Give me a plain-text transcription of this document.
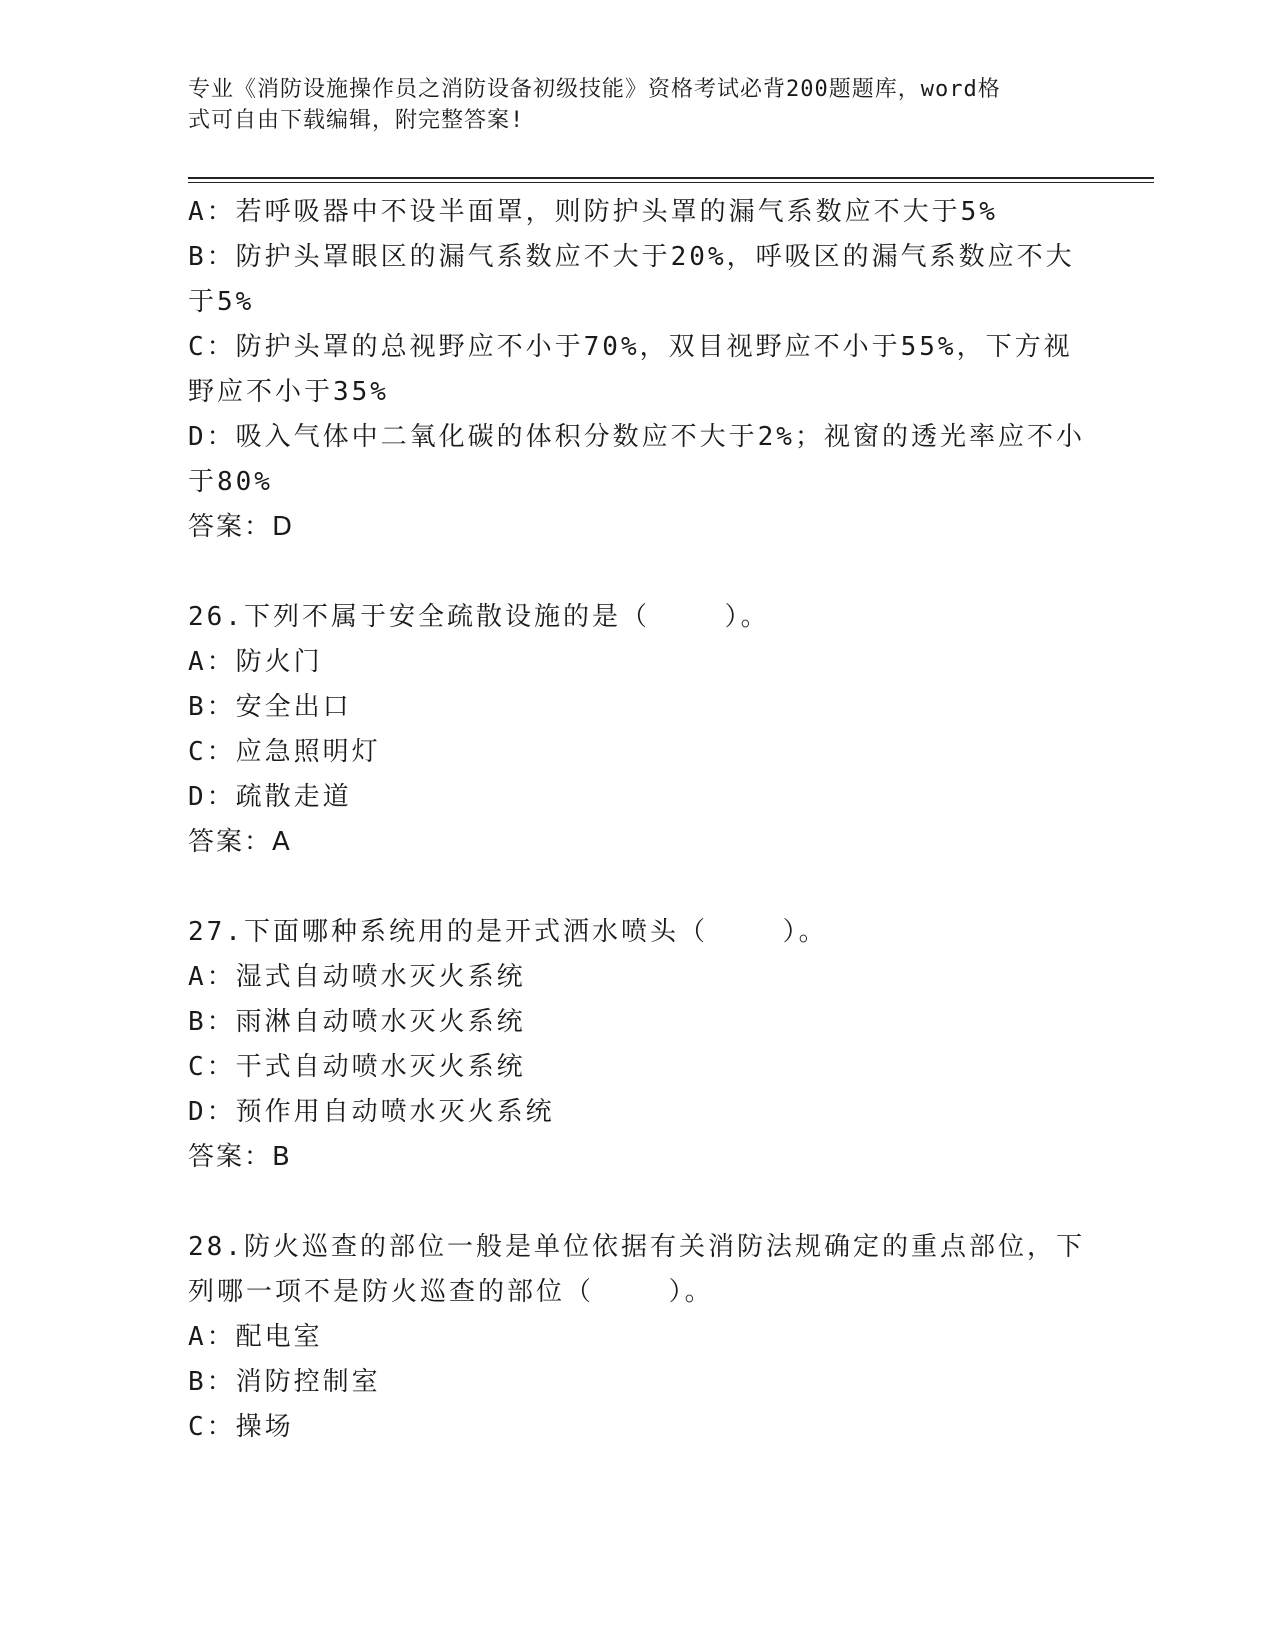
专业《消防设施操作员之消防设备初级技能》资格考试必背200题题库，word格

式可自由下载编辑，附完整答案!

A：若呼吸器中不设半面罩，则防护头罩的漏气系数应不大于5%

B：防护头罩眼区的漏气系数应不大于20%，呼吸区的漏气系数应不大

于5%

C：防护头罩的总视野应不小于70%，双目视野应不小于55%，下方视

野应不小于35%

D：吸入气体中二氧化碳的体积分数应不大于2%；视窗的透光率应不小

于80%

答案：D

26.下列不属于安全疏散设施的是（    ）。

A：防火门

B：安全出口

C：应急照明灯

D：疏散走道

答案：A

27.下面哪种系统用的是开式洒水喷头（    ）。

A：湿式自动喷水灭火系统

B：雨淋自动喷水灭火系统

C：干式自动喷水灭火系统

D：预作用自动喷水灭火系统

答案：B

28.防火巡查的部位一般是单位依据有关消防法规确定的重点部位，下

列哪一项不是防火巡查的部位（    ）。

A：配电室

B：消防控制室

C：操场
